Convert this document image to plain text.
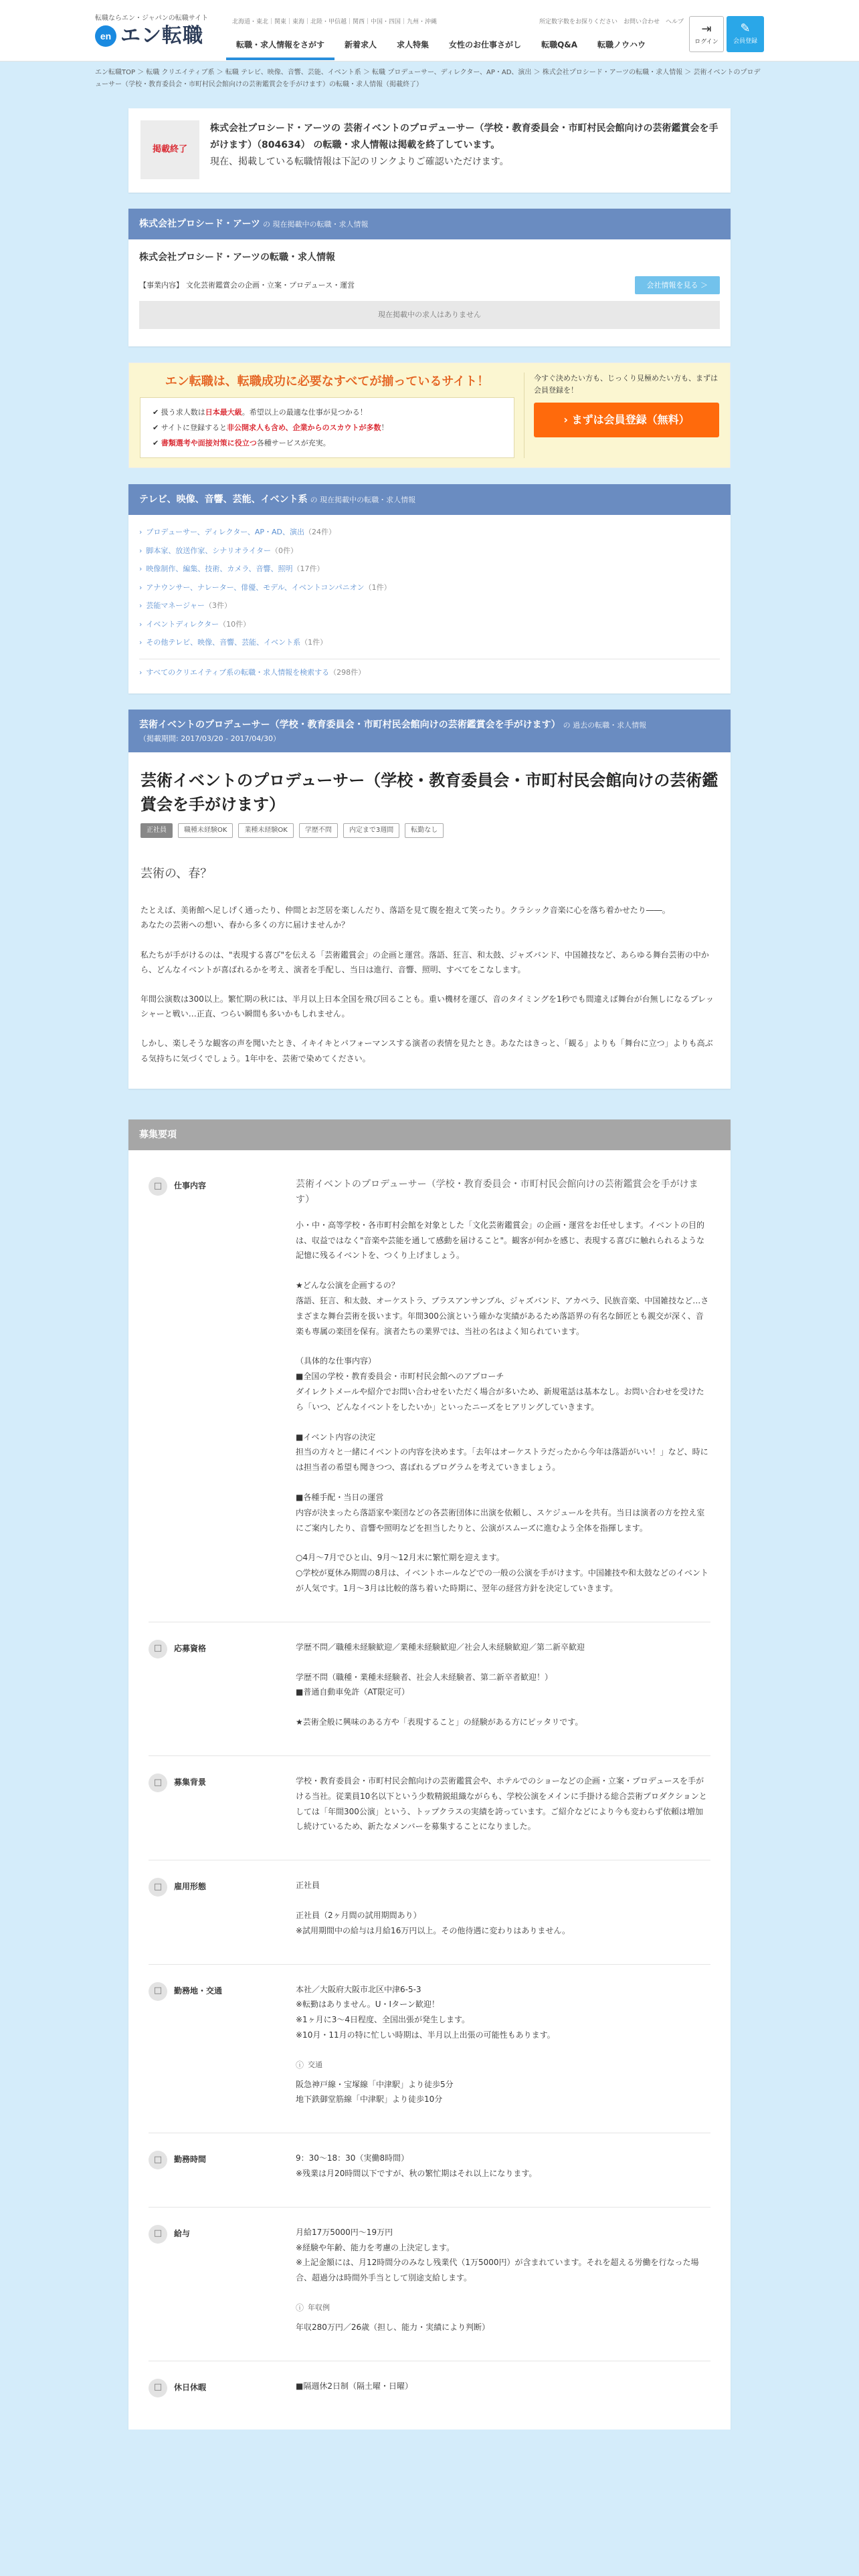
転職ならエン・ジャパンの転職サイト
en エン転職
北海道・東北｜関東｜東海｜北陸・甲信越｜関西｜中国・四国｜九州・沖縄	所定数字数をお探りください　お問い合わせ　ヘルプ
転職・求人情報をさがす	新着求人	求人特集	女性のお仕事さがし	転職Q&A	転職ノウハウ
⇥
ログイン
✎
会員登録
エン転職TOP ＞ 転職 クリエイティブ系 ＞ 転職 テレビ、映像、音響、芸能、イベント系 ＞ 転職 プロデューサー、ディレクター、AP・AD、演出 ＞ 株式会社プロシード・アーツの転職・求人情報 ＞ 芸術イベントのプロデューサー（学校・教育委員会・市町村民会館向けの芸術鑑賞会を手がけます）の転職・求人情報（掲載終了）
掲載終了

株式会社プロシード・アーツの 芸術イベントのプロデューサー（学校・教育委員会・市町村民会館向けの芸術鑑賞会を手がけます）（804634） の転職・求人情報は掲載を終了しています。

現在、掲載している転職情報は下記のリンクよりご確認いただけます。

株式会社プロシード・アーツ の 現在掲載中の転職・求人情報
株式会社プロシード・アーツの転職・求人情報
【事業内容】 文化芸術鑑賞会の企画・立案・プロデュース・運営	会社情報を見る ＞
現在掲載中の求人はありません
エン転職は、転職成功に必要なすべてが揃っているサイト！
✔ 扱う求人数は日本最大級。希望以上の最適な仕事が見つかる！
✔ サイトに登録すると非公開求人も含め、企業からのスカウトが多数！
✔ 書類選考や面接対策に役立つ各種サービスが充実。
今すぐ決めたい方も、じっくり見極めたい方も、まずは会員登録を！
› まずは会員登録（無料）
テレビ、映像、音響、芸能、イベント系 の 現在掲載中の転職・求人情報
› プロデューサー、ディレクター、AP・AD、演出（24件）
› 脚本家、放送作家、シナリオライター（0件）
› 映像制作、編集、技術、カメラ、音響、照明（17件）
› アナウンサー、ナレーター、俳優、モデル、イベントコンパニオン（1件）
› 芸能マネージャー（3件）
› イベントディレクター（10件）
› その他テレビ、映像、音響、芸能、イベント系（1件）
› すべてのクリエイティブ系の転職・求人情報を検索する（298件）
芸術イベントのプロデューサー（学校・教育委員会・市町村民会館向けの芸術鑑賞会を手がけます） の 過去の転職・求人情報
（掲載期間: 2017/03/20 - 2017/04/30）
芸術イベントのプロデューサー（学校・教育委員会・市町村民会館向けの芸術鑑賞会を手がけます）
正社員	職種未経験OK	業種未経験OK	学歴不問	内定まで3週間	転勤なし
芸術の、春？
たとえば、美術館へ足しげく通ったり、仲間とお芝居を楽しんだり、落語を見て腹を抱えて笑ったり。クラシック音楽に心を落ち着かせたり――。
あなたの芸術への想い、春から多くの方に届けませんか？

私たちが手がけるのは、"表現する喜び"を伝える「芸術鑑賞会」の企画と運営。落語、狂言、和太鼓、ジャズバンド、中国雑技など、あらゆる舞台芸術の中から、どんなイベントが喜ばれるかを考え、演者を手配し、当日は進行、音響、照明、すべてをこなします。

年間公演数は300以上。繁忙期の秋には、半月以上日本全国を飛び回ることも。重い機材を運び、音のタイミングを1秒でも間違えば舞台が台無しになるプレッシャーと戦い…正直、つらい瞬間も多いかもしれません。

しかし、楽しそうな観客の声を聞いたとき、イキイキとパフォーマンスする演者の表情を見たとき。あなたはきっと、「観る」よりも「舞台に立つ」よりも高ぶる気持ちに気づくでしょう。1年中を、芸術で染めてください。

募集要項
□	仕事内容	芸術イベントのプロデューサー（学校・教育委員会・市町村民会館向けの芸術鑑賞会を手がけます）

小・中・高等学校・各市町村会館を対象とした「文化芸術鑑賞会」の企画・運営をお任せします。イベントの目的は、収益ではなく"音楽や芸能を通して感動を届けること"。観客が何かを感じ、表現する喜びに触れられるような記憶に残るイベントを、つくり上げましょう。

★どんな公演を企画するの？
落語、狂言、和太鼓、オーケストラ、ブラスアンサンブル、ジャズバンド、アカペラ、民族音楽、中国雑技など…さまざまな舞台芸術を扱います。年間300公演という確かな実績があるため落語界の有名な師匠とも親交が深く、音楽も専属の楽団を保有。演者たちの業界では、当社の名はよく知られています。

（具体的な仕事内容）
■全国の学校・教育委員会・市町村民会館へのアプローチ
ダイレクトメールや紹介でお問い合わせをいただく場合が多いため、新規電話は基本なし。お問い合わせを受けたら「いつ、どんなイベントをしたいか」といったニーズをヒアリングしていきます。

■イベント内容の決定
担当の方々と一緒にイベントの内容を決めます。「去年はオーケストラだったから今年は落語がいい！」など、時には担当者の希望も聞きつつ、喜ばれるプログラムを考えていきましょう。

■各種手配・当日の運営
内容が決まったら落語家や楽団などの各芸術団体に出演を依頼し、スケジュールを共有。当日は演者の方を控え室にご案内したり、音響や照明などを担当したりと、公演がスムーズに進むよう全体を指揮します。

○4月〜7月でひと山、9月〜12月末に繁忙期を迎えます。
○学校が夏休み期間の8月は、イベントホールなどでの一般の公演を手がけます。中国雑技や和太鼓などのイベントが人気です。1月〜3月は比較的落ち着いた時期に、翌年の経営方針を決定していきます。

□	応募資格	学歴不問／職種未経験歓迎／業種未経験歓迎／社会人未経験歓迎／第二新卒歓迎

学歴不問（職種・業種未経験者、社会人未経験者、第二新卒者歓迎！）
■普通自動車免許（AT限定可）

★芸術全般に興味のある方や「表現すること」の経験がある方にピッタリです。

□	募集背景	学校・教育委員会・市町村民会館向けの芸術鑑賞会や、ホテルでのショーなどの企画・立案・プロデュースを手がける当社。従業員10名以下という少数精鋭組織ながらも、学校公演をメインに手掛ける総合芸術プロダクションとしては「年間300公演」という、トップクラスの実績を誇っています。ご紹介などにより今も変わらず依頼は増加し続けているため、新たなメンバーを募集することになりました。

□	雇用形態	正社員

正社員（2ヶ月間の試用期間あり）
※試用期間中の給与は月給16万円以上。その他待遇に変わりはありません。

□	勤務地・交通	本社／大阪府大阪市北区中津6-5-3
※転勤はありません。U・Iターン歓迎！
※1ヶ月に3〜4日程度、全国出張が発生します。
※10月・11月の特に忙しい時期は、半月以上出張の可能性もあります。

ⓘ 交通

阪急神戸線・宝塚線「中津駅」より徒歩5分
地下鉄御堂筋線「中津駅」より徒歩10分

□	勤務時間	9：30〜18：30（実働8時間）
※残業は月20時間以下ですが、秋の繁忙期はそれ以上になります。

□	給与	月給17万5000円〜19万円
※経験や年齢、能力を考慮の上決定します。
※上記金額には、月12時間分のみなし残業代（1万5000円）が含まれています。それを超える労働を行なった場合、超過分は時間外手当として別途支給します。

ⓘ 年収例

年収280万円／26歳（担し、能力・実績により判断）

□	休日休暇	■隔週休2日制（隔土曜・日曜）
